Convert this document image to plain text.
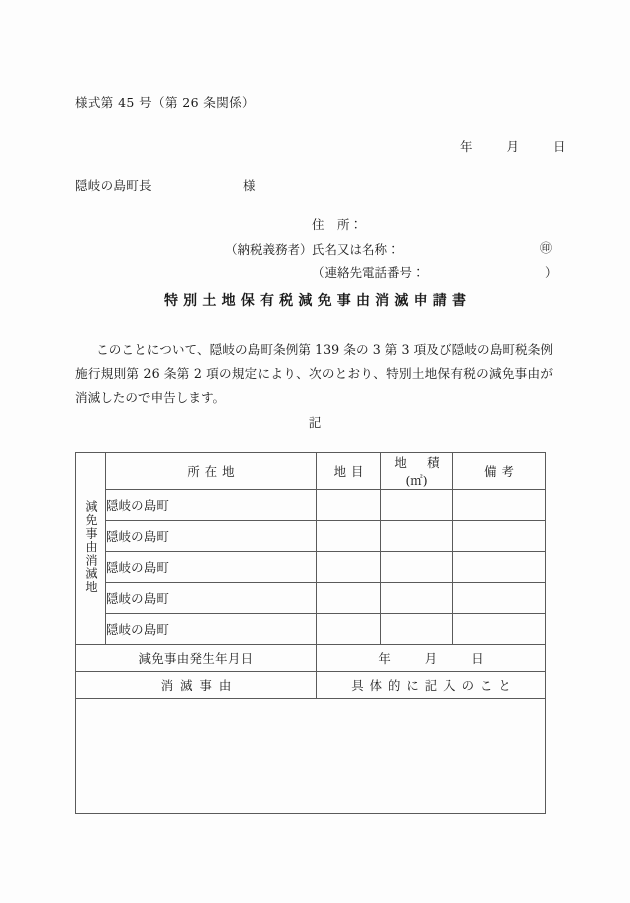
様式第 45 号（第 26 条関係）
年	月	日
隠岐の島町長	様
住　所：
（納税義務者） 氏名又は名称：	㊞
（連絡先電話番号：	）
特別土地保有税減免事由消滅申請書
このことについて、隠岐の島町条例第 139 条の 3 第 3 項及び隠岐の島町税条例施行規則第 26 条第 2 項の規定により、次のとおり、特別土地保有税の減免事由が消滅したので申告します。
記
減免事由消滅地	所在地	地目	地　積(㎡)	備考
	隠岐の島町			
	隠岐の島町			
	隠岐の島町			
	隠岐の島町			
	隠岐の島町			
減免事由発生年月日		年 月 日		
消滅事由		具体的に記入のこと		
